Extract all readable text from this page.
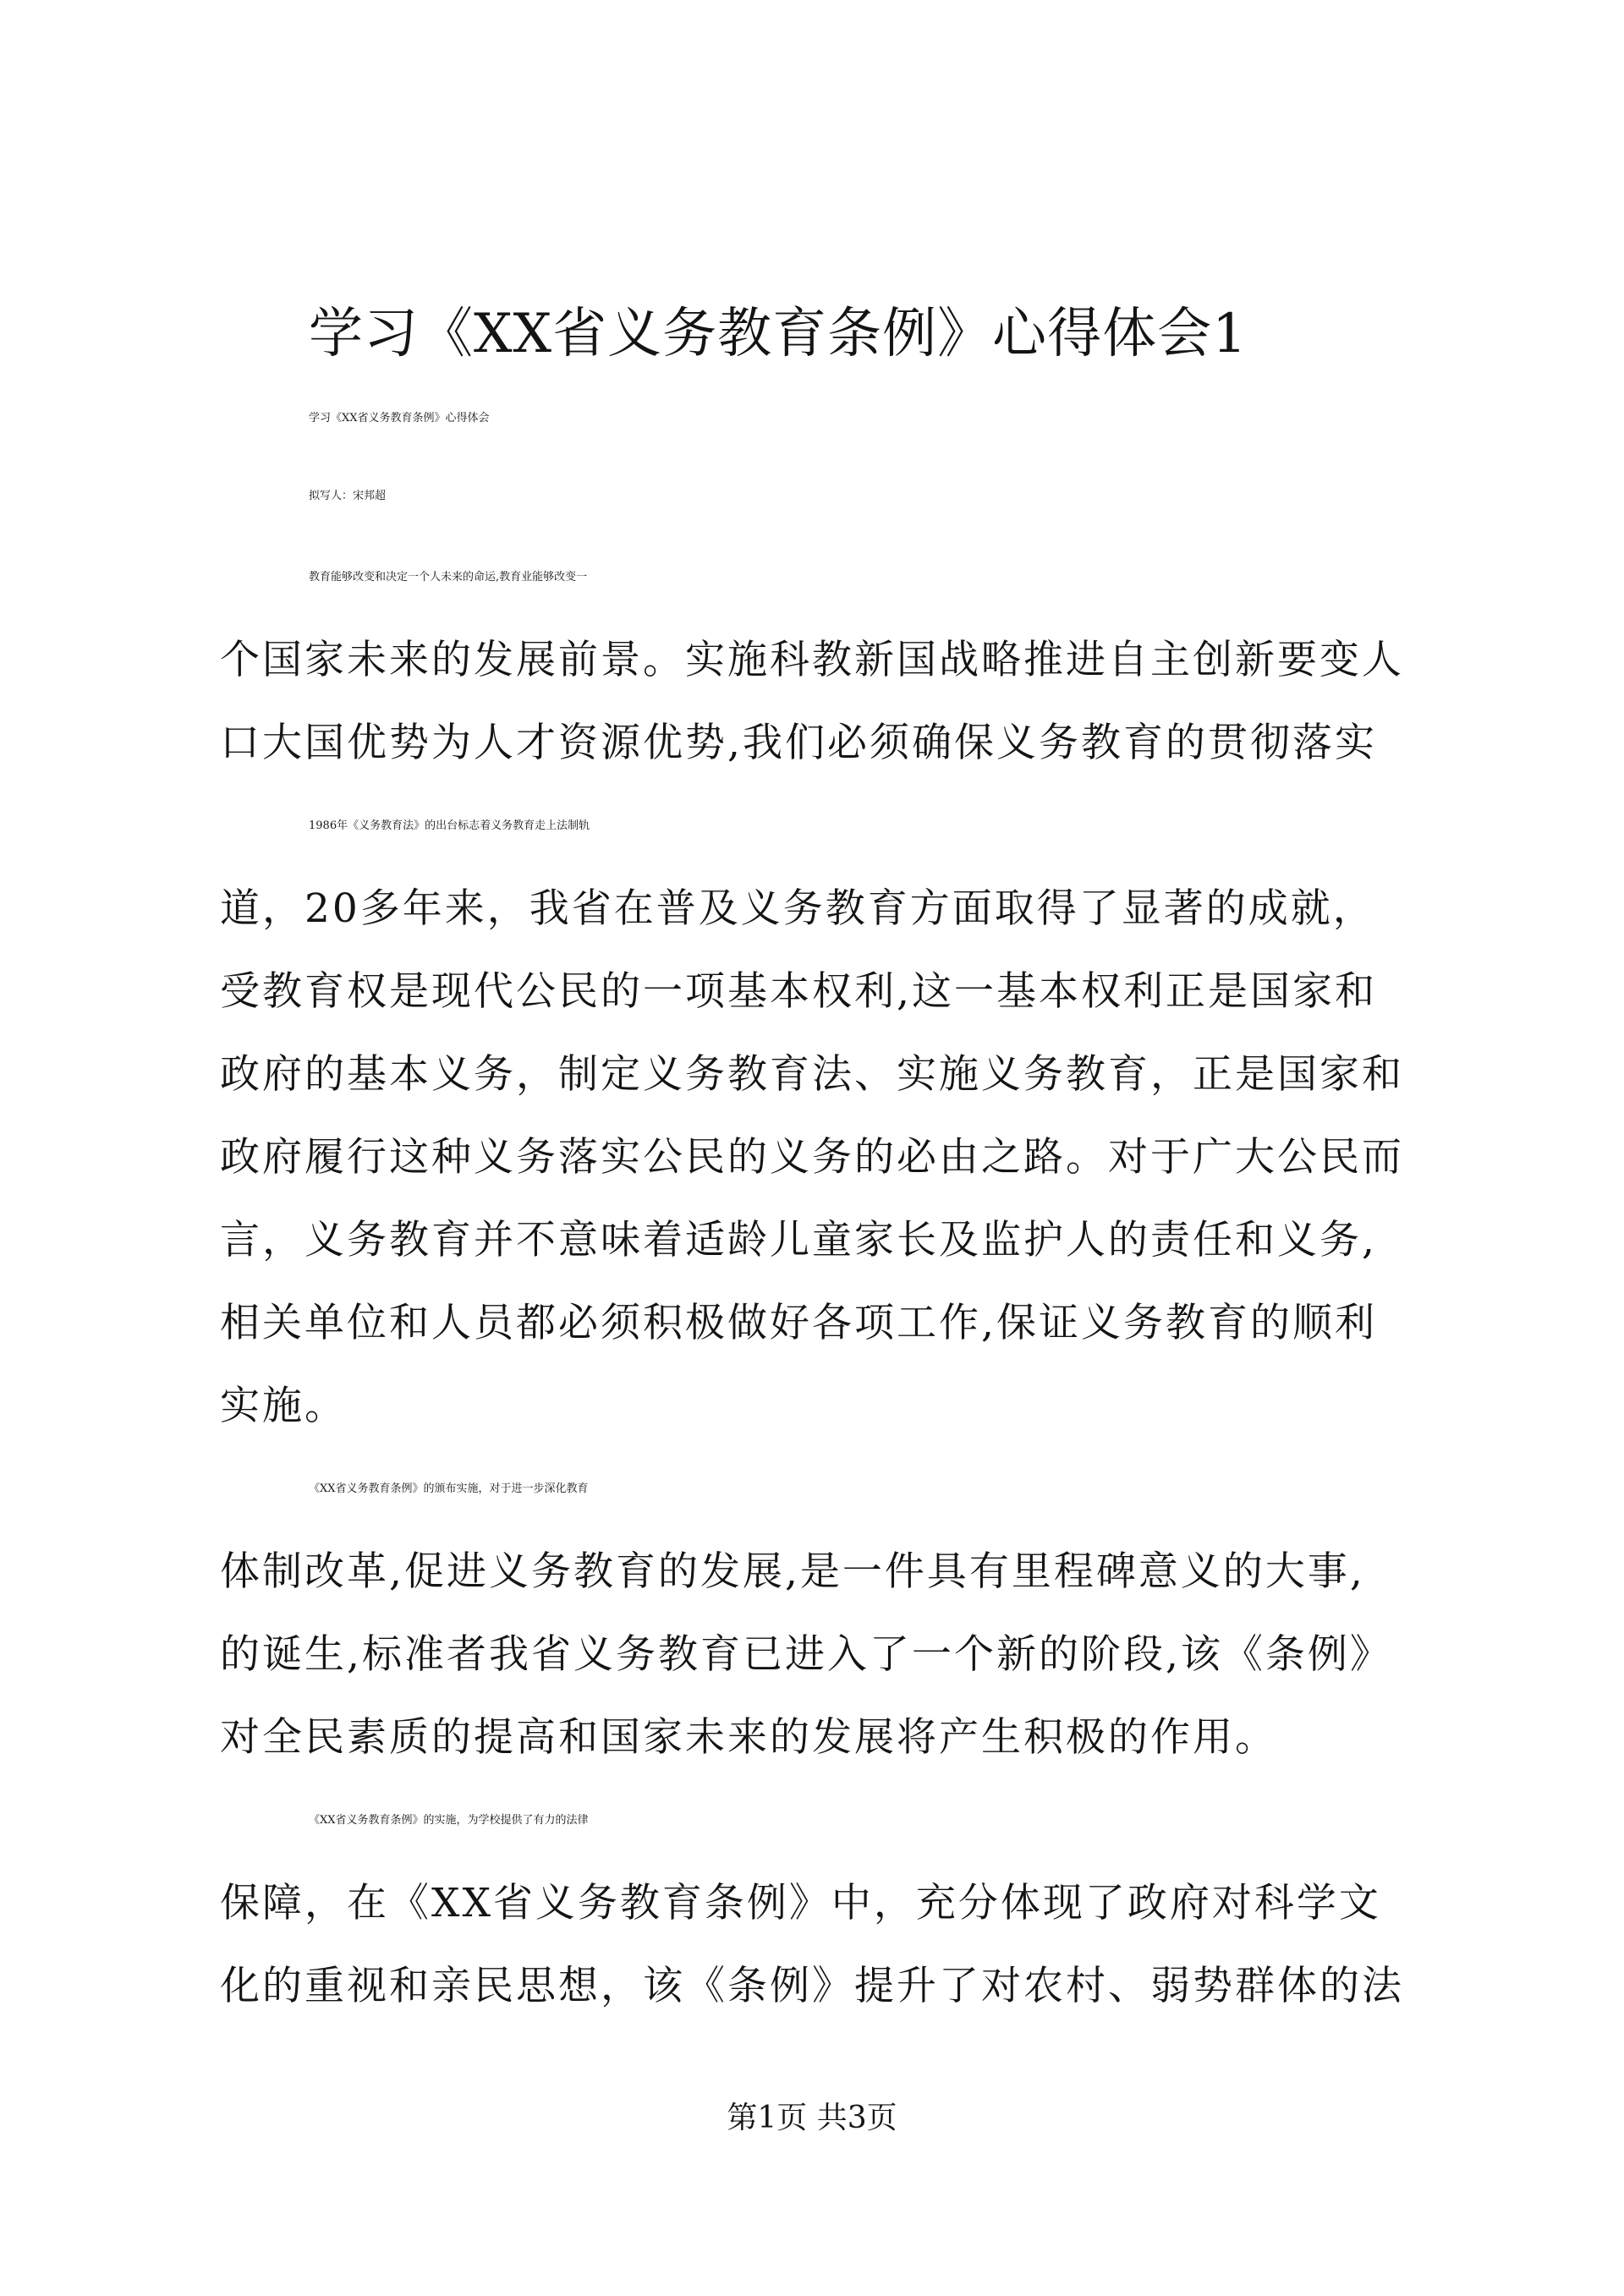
学习《XX省义务教育条例》心得体会1
学习《XX省义务教育条例》心得体会
拟写人：宋邦超
教育能够改变和决定一个人未来的命运,教育业能够改变一
个国家未来的发展前景。实施科教新国战略推进自主创新要变人
口大国优势为人才资源优势,我们必须确保义务教育的贯彻落实
1986年《义务教育法》的出台标志着义务教育走上法制轨
道，20多年来，我省在普及义务教育方面取得了显著的成就，
受教育权是现代公民的一项基本权利,这一基本权利正是国家和
政府的基本义务，制定义务教育法、实施义务教育，正是国家和
政府履行这种义务落实公民的义务的必由之路。对于广大公民而
言，义务教育并不意味着适龄儿童家长及监护人的责任和义务,
相关单位和人员都必须积极做好各项工作,保证义务教育的顺利
实施。
《XX省义务教育条例》的颁布实施，对于进一步深化教育
体制改革,促进义务教育的发展,是一件具有里程碑意义的大事,
的诞生,标准者我省义务教育已进入了一个新的阶段,该《条例》
对全民素质的提高和国家未来的发展将产生积极的作用。
《XX省义务教育条例》的实施，为学校提供了有力的法律
保障，在《XX省义务教育条例》中，充分体现了政府对科学文
化的重视和亲民思想，该《条例》提升了对农村、弱势群体的法
第1页 共3页
